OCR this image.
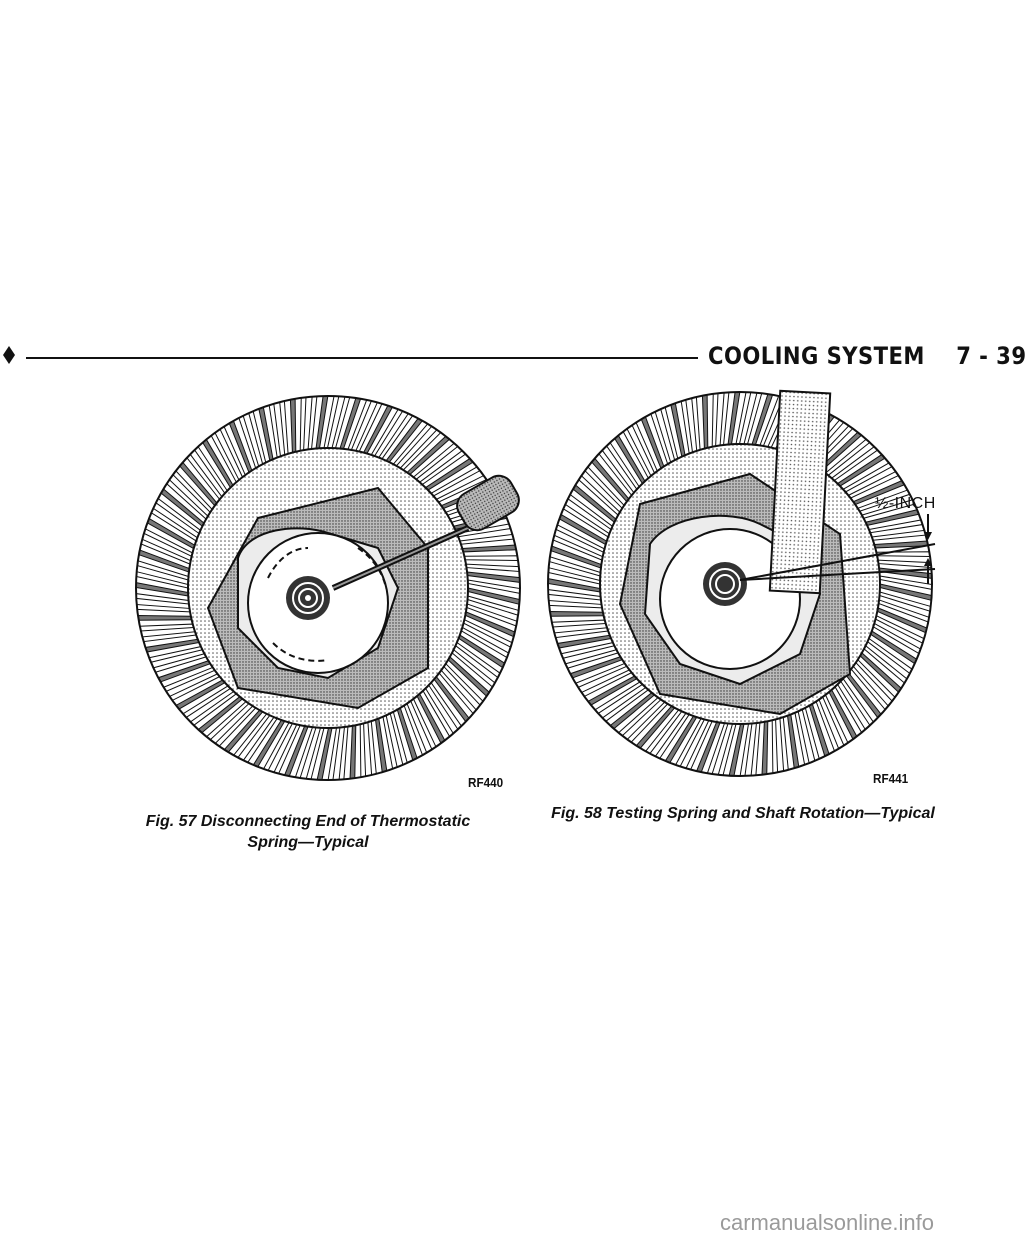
COOLING SYSTEM 7 - 39
RF440
½-INCH
RF441
Fig. 57 Disconnecting End of Thermostatic
Spring—Typical
Fig. 58 Testing Spring and Shaft Rotation—Typical
carmanualsonline.info
